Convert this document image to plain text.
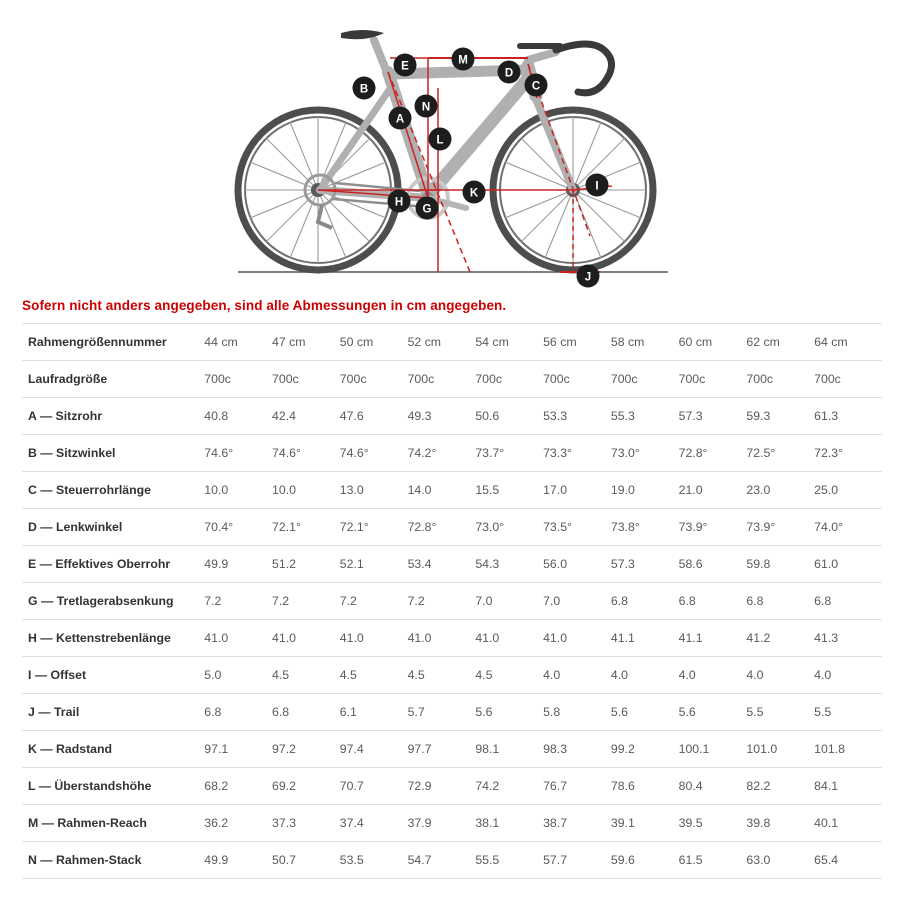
A
B	C
D
E
G
H
I
J
K
L
M
N
Sofern nicht anders angegeben, sind alle Abmessungen in cm angegeben.
Rahmengrößennummer	44 cm	47 cm	50 cm	52 cm	54 cm	56 cm	58 cm	60 cm	62 cm	64 cm
Laufradgröße	700c	700c	700c	700c	700c	700c	700c	700c	700c	700c
A — Sitzrohr	40.8	42.4	47.6	49.3	50.6	53.3	55.3	57.3	59.3	61.3
B — Sitzwinkel	74.6°	74.6°	74.6°	74.2°	73.7°	73.3°	73.0°	72.8°	72.5°	72.3°
C — Steuerrohrlänge	10.0	10.0	13.0	14.0	15.5	17.0	19.0	21.0	23.0	25.0
D — Lenkwinkel	70.4°	72.1°	72.1°	72.8°	73.0°	73.5°	73.8°	73.9°	73.9°	74.0°
E — Effektives Oberrohr	49.9	51.2	52.1	53.4	54.3	56.0	57.3	58.6	59.8	61.0
G — Tretlagerabsenkung	7.2	7.2	7.2	7.2	7.0	7.0	6.8	6.8	6.8	6.8
H — Kettenstrebenlänge	41.0	41.0	41.0	41.0	41.0	41.0	41.1	41.1	41.2	41.3
I — Offset	5.0	4.5	4.5	4.5	4.5	4.0	4.0	4.0	4.0	4.0
J — Trail	6.8	6.8	6.1	5.7	5.6	5.8	5.6	5.6	5.5	5.5
K — Radstand	97.1	97.2	97.4	97.7	98.1	98.3	99.2	100.1	101.0	101.8
L — Überstandshöhe	68.2	69.2	70.7	72.9	74.2	76.7	78.6	80.4	82.2	84.1
M — Rahmen-Reach	36.2	37.3	37.4	37.9	38.1	38.7	39.1	39.5	39.8	40.1
N — Rahmen-Stack	49.9	50.7	53.5	54.7	55.5	57.7	59.6	61.5	63.0	65.4
